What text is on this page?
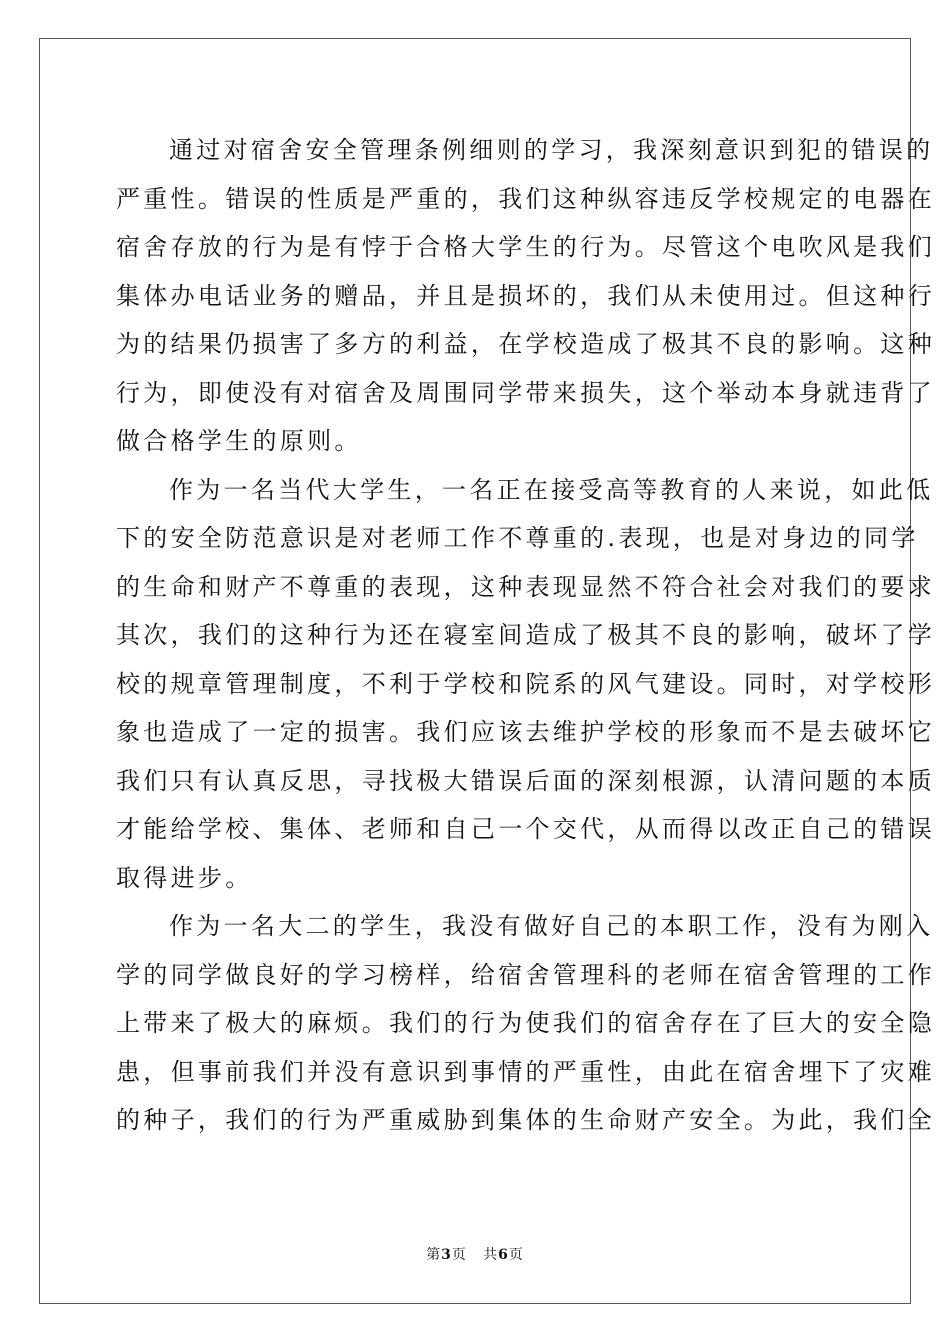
通过对宿舍安全管理条例细则的学习，我深刻意识到犯的错误的
严重性。错误的性质是严重的，我们这种纵容违反学校规定的电器在
宿舍存放的行为是有悖于合格大学生的行为。尽管这个电吹风是我们
集体办电话业务的赠品，并且是损坏的，我们从未使用过。但这种行
为的结果仍损害了多方的利益，在学校造成了极其不良的影响。这种
行为，即使没有对宿舍及周围同学带来损失，这个举动本身就违背了
做合格学生的原则。

作为一名当代大学生，一名正在接受高等教育的人来说，如此低
下的安全防范意识是对老师工作不尊重的.表现，也是对身边的同学
的生命和财产不尊重的表现，这种表现显然不符合社会对我们的要求
其次，我们的这种行为还在寝室间造成了极其不良的影响，破坏了学
校的规章管理制度，不利于学校和院系的风气建设。同时，对学校形
象也造成了一定的损害。我们应该去维护学校的形象而不是去破坏它
我们只有认真反思，寻找极大错误后面的深刻根源，认清问题的本质
才能给学校、集体、老师和自己一个交代，从而得以改正自己的错误
取得进步。

作为一名大二的学生，我没有做好自己的本职工作，没有为刚入
学的同学做良好的学习榜样，给宿舍管理科的老师在宿舍管理的工作
上带来了极大的麻烦。我们的行为使我们的宿舍存在了巨大的安全隐
患，但事前我们并没有意识到事情的严重性，由此在宿舍埋下了灾难
的种子，我们的行为严重威胁到集体的生命财产安全。为此，我们全

第3页 共6页
